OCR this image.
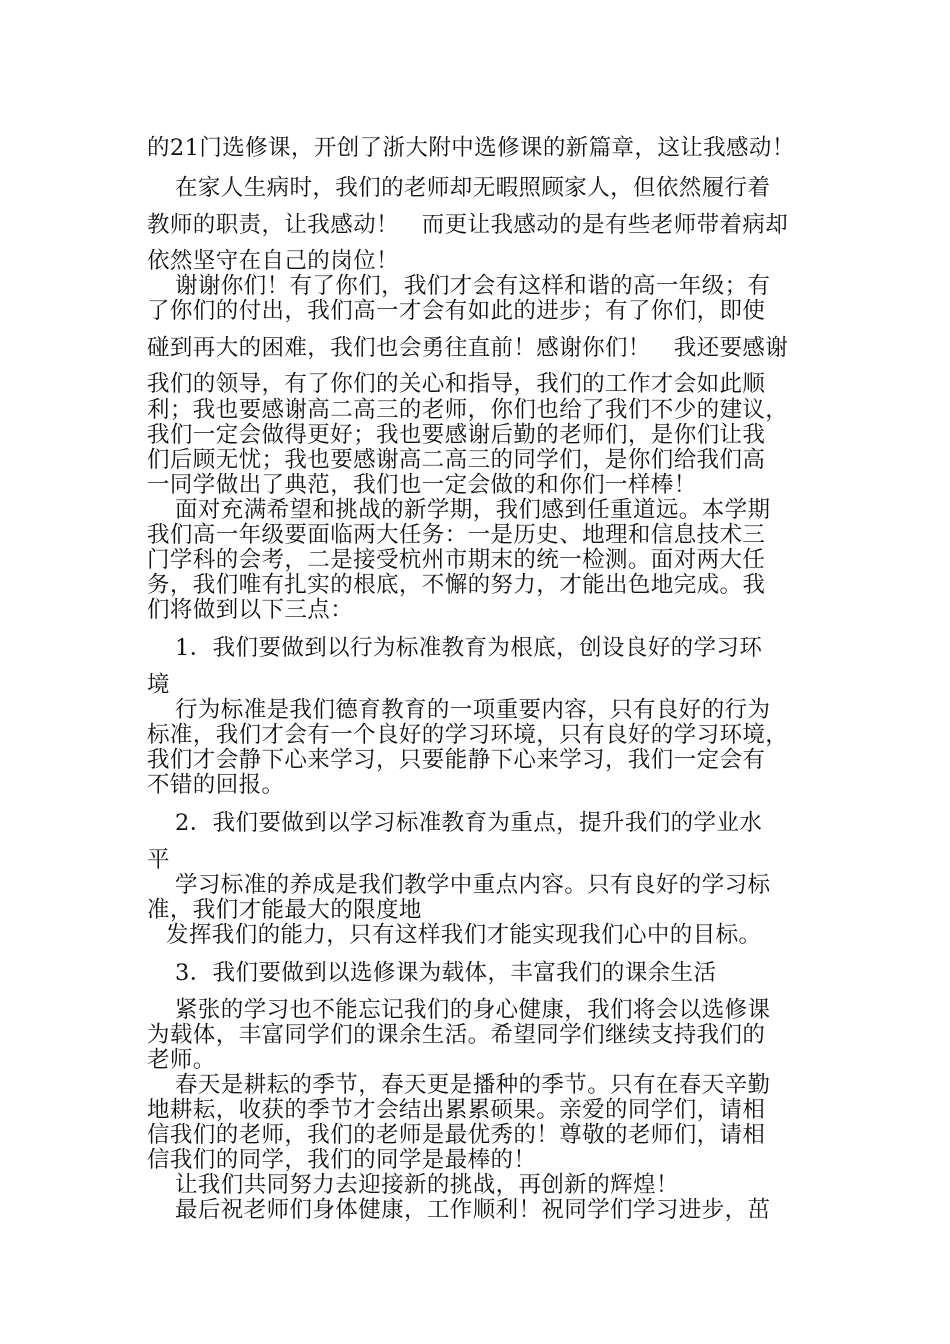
的21门选修课，开创了浙大附中选修课的新篇章，这让我感动！
在家人生病时，我们的老师却无暇照顾家人，但依然履行着
教师的职责，让我感动！　而更让我感动的是有些老师带着病却
依然坚守在自己的岗位！
谢谢你们！有了你们，我们才会有这样和谐的高一年级；有
了你们的付出，我们高一才会有如此的进步；有了你们，即使
碰到再大的困难，我们也会勇往直前！感谢你们！　我还要感谢
我们的领导，有了你们的关心和指导，我们的工作才会如此顺
利；我也要感谢高二高三的老师，你们也给了我们不少的建议，
我们一定会做得更好；我也要感谢后勤的老师们，是你们让我
们后顾无忧；我也要感谢高二高三的同学们，是你们给我们高
一同学做出了典范，我们也一定会做的和你们一样棒！
面对充满希望和挑战的新学期，我们感到任重道远。本学期
我们高一年级要面临两大任务：一是历史、地理和信息技术三
门学科的会考，二是接受杭州市期末的统一检测。面对两大任
务，我们唯有扎实的根底，不懈的努力，才能出色地完成。我
们将做到以下三点：
1．我们要做到以行为标准教育为根底，创设良好的学习环
境
行为标准是我们德育教育的一项重要内容，只有良好的行为
标准，我们才会有一个良好的学习环境，只有良好的学习环境，
我们才会静下心来学习，只要能静下心来学习，我们一定会有
不错的回报。
2．我们要做到以学习标准教育为重点，提升我们的学业水
平
学习标准的养成是我们教学中重点内容。只有良好的学习标
准，我们才能最大的限度地
发挥我们的能力，只有这样我们才能实现我们心中的目标。
3．我们要做到以选修课为载体，丰富我们的课余生活
紧张的学习也不能忘记我们的身心健康，我们将会以选修课
为载体，丰富同学们的课余生活。希望同学们继续支持我们的
老师。
春天是耕耘的季节，春天更是播种的季节。只有在春天辛勤
地耕耘，收获的季节才会结出累累硕果。亲爱的同学们，请相
信我们的老师，我们的老师是最优秀的！尊敬的老师们，请相
信我们的同学，我们的同学是最棒的！
让我们共同努力去迎接新的挑战，再创新的辉煌！
最后祝老师们身体健康，工作顺利！祝同学们学习进步，茁
